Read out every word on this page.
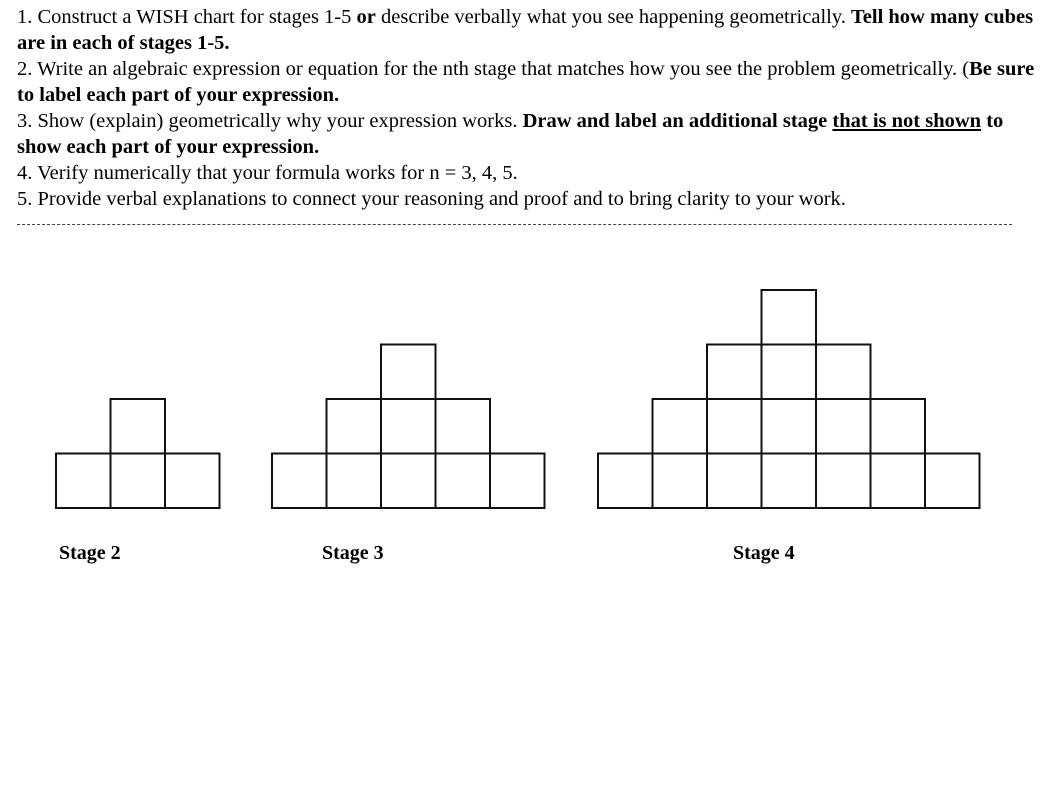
1. Construct a WISH chart for stages 1-5 or describe verbally what you see happening geometrically. Tell how many cubes are in each of stages 1-5.

2. Write an algebraic expression or equation for the nth stage that matches how you see the problem geometrically. (Be sure to label each part of your expression.

3. Show (explain) geometrically why your expression works. Draw and label an additional stage that is not shown to show each part of your expression.

4. Verify numerically that your formula works for n = 3, 4, 5.

5. Provide verbal explanations to connect your reasoning and proof and to bring clarity to your work.

Stage 2	Stage 3	Stage 4
